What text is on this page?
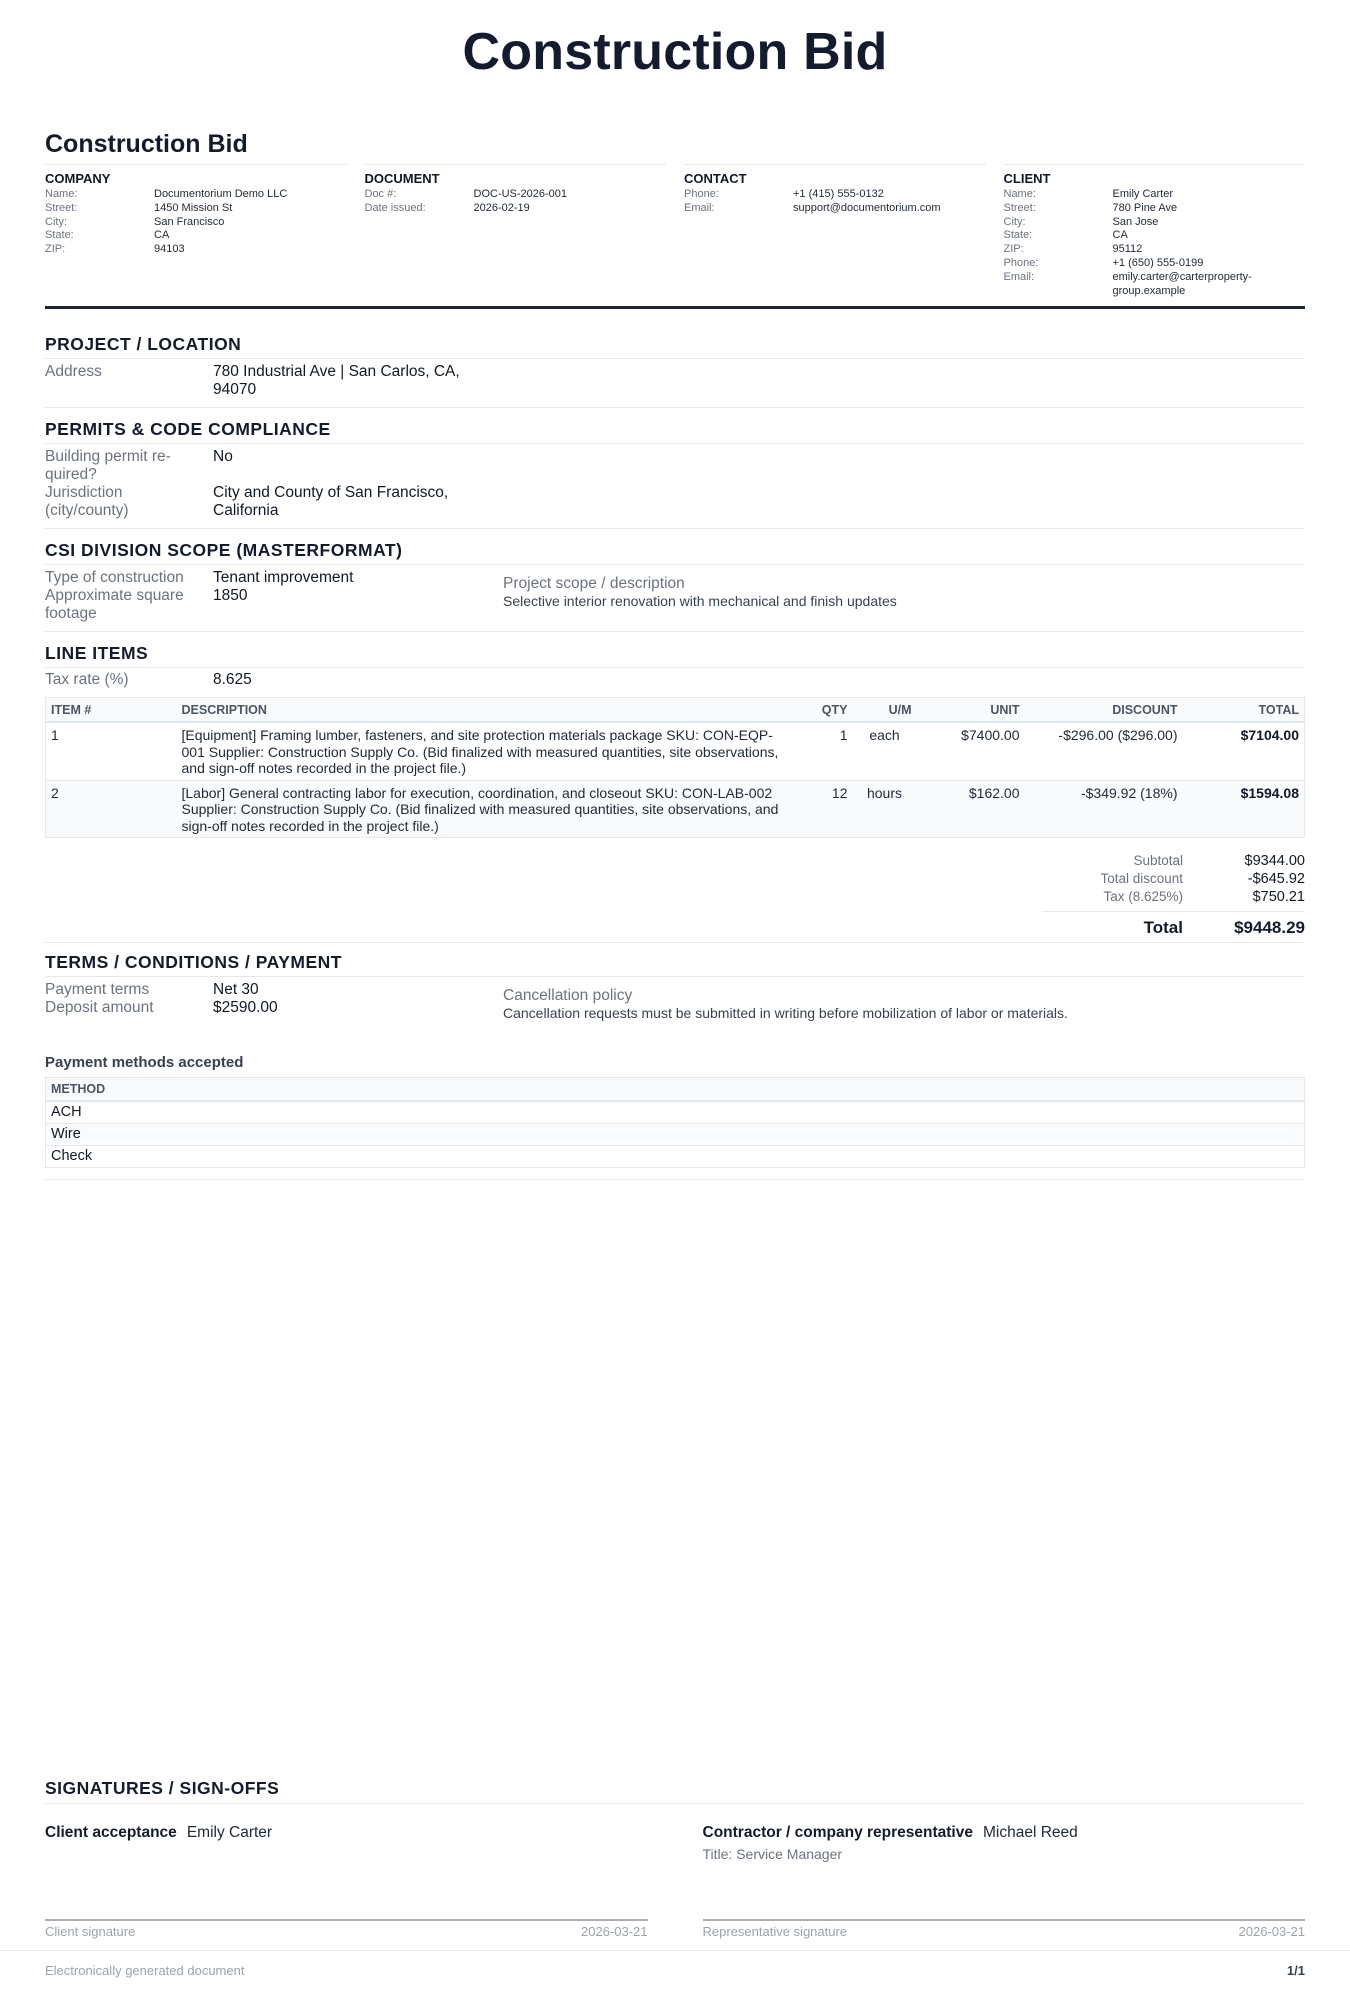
Construction Bid
Construction Bid
COMPANY
Name:	Documentorium Demo LLC
Street:	1450 Mission St
City:	San Francisco
State:	CA
ZIP:	94103
DOCUMENT
Doc #:	DOC-US-2026-001
Date issued:	2026-02-19
CONTACT
Phone:	+1 (415) 555-0132
Email:	support@documentorium.com
CLIENT
Name:	Emily Carter
Street:	780 Pine Ave
City:	San Jose
State:	CA
ZIP:	95112
Phone:	+1 (650) 555-0199
Email:	emily.carter@carterproperty-group.example
PROJECT / LOCATION
Address	780 Industrial Ave | San Carlos, CA, 94070
PERMITS & CODE COMPLIANCE
Building permit re-quired?
No
Jurisdiction (city/county)
City and County of San Francisco, California
CSI DIVISION SCOPE (MASTERFORMAT)
Type of construction	Tenant improvement
Approximate square footage
1850
Project scope / description
Selective interior renovation with mechanical and finish updates
LINE ITEMS
Tax rate (%)	8.625
ITEM #	DESCRIPTION	QTY	U/M	UNIT	DISCOUNT	TOTAL
1	[Equipment] Framing lumber, fasteners, and site protection materials package SKU: CON-EQP-001 Supplier: Construction Supply Co. (Bid finalized with measured quantities, site observations, and sign-off notes recorded in the project file.)	1	each	$7400.00	-$296.00 ($296.00)	$7104.00
2	[Labor] General contracting labor for execution, coordination, and closeout SKU: CON-LAB-002 Supplier: Construction Supply Co. (Bid finalized with measured quantities, site observations, and sign-off notes recorded in the project file.)	12	hours	$162.00	-$349.92 (18%)	$1594.08
Subtotal	$9344.00
Total discount	-$645.92
Tax (8.625%)	$750.21
Total	$9448.29
TERMS / CONDITIONS / PAYMENT
Payment terms	Net 30
Deposit amount	$2590.00
Cancellation policy
Cancellation requests must be submitted in writing before mobilization of labor or materials.
Payment methods accepted
METHOD
ACH
Wire
Check
SIGNATURES / SIGN-OFFS
Client acceptance Emily Carter
Client signature	2026-03-21
Contractor / company representative Michael Reed
Title: Service Manager
Representative signature	2026-03-21
Electronically generated document	1/1
